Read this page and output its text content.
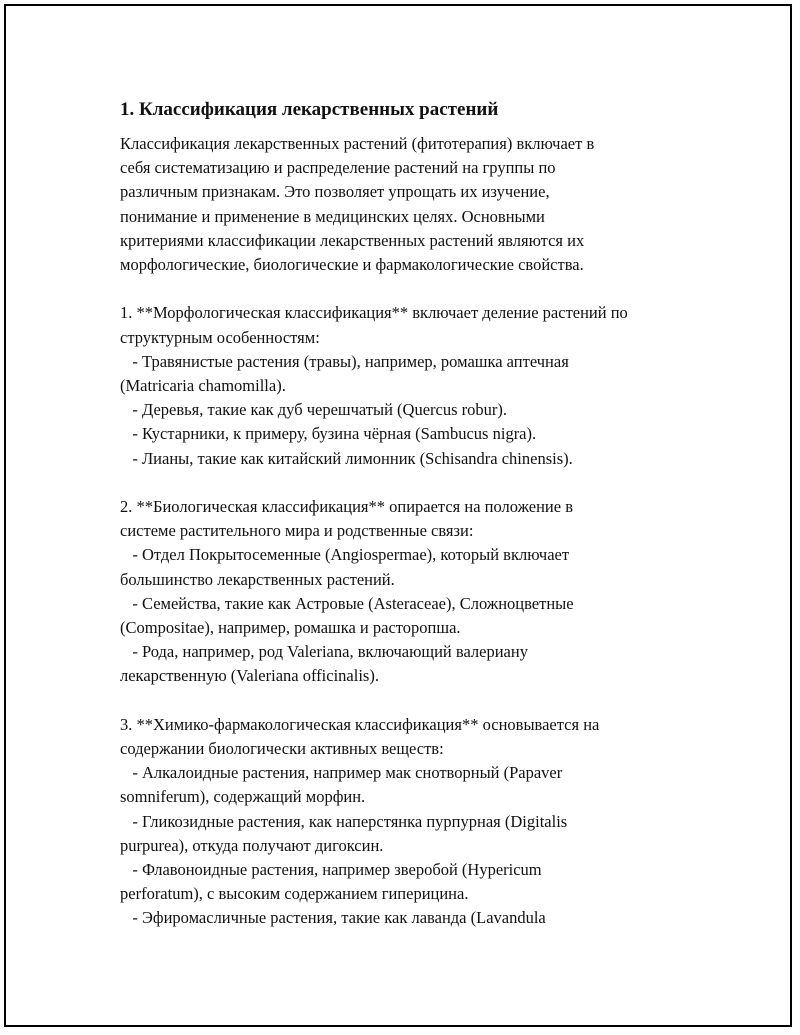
1. Классификация лекарственных растений

Классификация лекарственных растений (фитотерапия) включает в

себя систематизацию и распределение растений на группы по

различным признакам. Это позволяет упрощать их изучение,

понимание и применение в медицинских целях. Основными

критериями классификации лекарственных растений являются их

морфологические, биологические и фармакологические свойства.

1. **Морфологическая классификация** включает деление растений по

структурным особенностям:

- Травянистые растения (травы), например, ромашка аптечная

(Matricaria chamomilla).

- Деревья, такие как дуб черешчатый (Quercus robur).

- Кустарники, к примеру, бузина чёрная (Sambucus nigra).

- Лианы, такие как китайский лимонник (Schisandra chinensis).

2. **Биологическая классификация** опирается на положение в

системе растительного мира и родственные связи:

- Отдел Покрытосеменные (Angiospermae), который включает

большинство лекарственных растений.

- Семейства, такие как Астровые (Asteraceae), Сложноцветные

(Compositae), например, ромашка и расторопша.

- Рода, например, род Valeriana, включающий валериану

лекарственную (Valeriana officinalis).

3. **Химико-фармакологическая классификация** основывается на

содержании биологически активных веществ:

- Алкалоидные растения, например мак снотворный (Papaver

somniferum), содержащий морфин.

- Гликозидные растения, как наперстянка пурпурная (Digitalis

purpurea), откуда получают дигоксин.

- Флавоноидные растения, например зверобой (Hypericum

perforatum), с высоким содержанием гиперицина.

- Эфиромасличные растения, такие как лаванда (Lavandula
